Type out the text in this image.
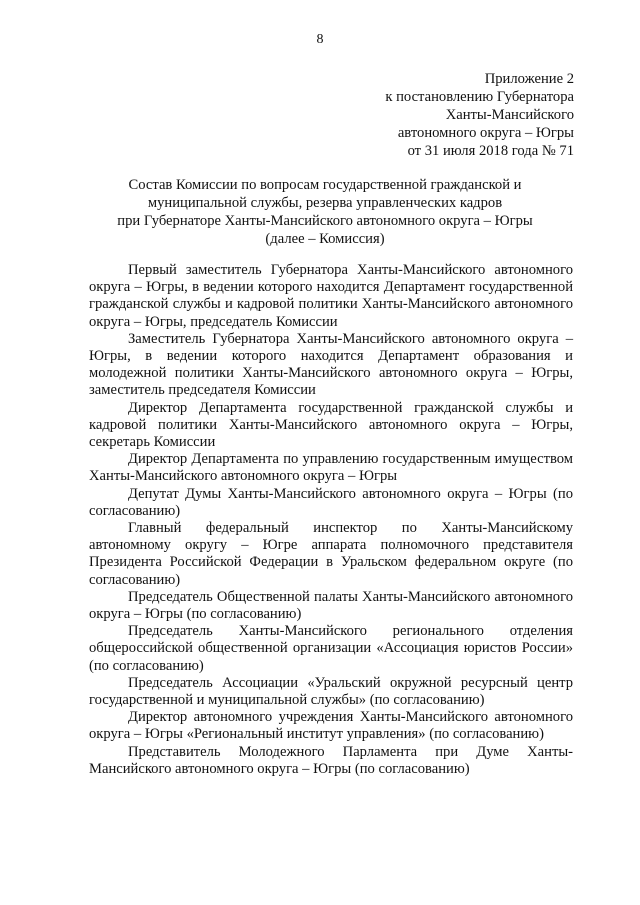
8
Приложение 2
к постановлению Губернатора
Ханты-Мансийского
автономного округа – Югры
от 31 июля 2018 года № 71
Состав Комиссии по вопросам государственной гражданской и
муниципальной службы, резерва управленческих кадров
при Губернаторе Ханты-Мансийского автономного округа – Югры
(далее – Комиссия)

Первый заместитель Губернатора Ханты-Мансийского автономного округа – Югры, в ведении которого находится Департамент государственной гражданской службы и кадровой политики Ханты-Мансийского автономного округа – Югры, председатель Комиссии

Заместитель Губернатора Ханты-Мансийского автономного округа – Югры, в ведении которого находится Департамент образования и молодежной политики Ханты-Мансийского автономного округа – Югры, заместитель председателя Комиссии

Директор Департамента государственной гражданской службы и кадровой политики Ханты-Мансийского автономного округа – Югры, секретарь Комиссии

Директор Департамента по управлению государственным имуществом Ханты-Мансийского автономного округа – Югры

Депутат Думы Ханты-Мансийского автономного округа – Югры (по согласованию)

Главный федеральный инспектор по Ханты-Мансийскому автономному округу – Югре аппарата полномочного представителя Президента Российской Федерации в Уральском федеральном округе (по согласованию)

Председатель Общественной палаты Ханты-Мансийского автономного округа – Югры (по согласованию)

Председатель Ханты-Мансийского регионального отделения общероссийской общественной организации «Ассоциация юристов России» (по согласованию)

Председатель Ассоциации «Уральский окружной ресурсный центр государственной и муниципальной службы» (по согласованию)

Директор автономного учреждения Ханты-Мансийского автономного округа – Югры «Региональный институт управления» (по согласованию)

Представитель Молодежного Парламента при Думе Ханты-Мансийского автономного округа – Югры (по согласованию)
